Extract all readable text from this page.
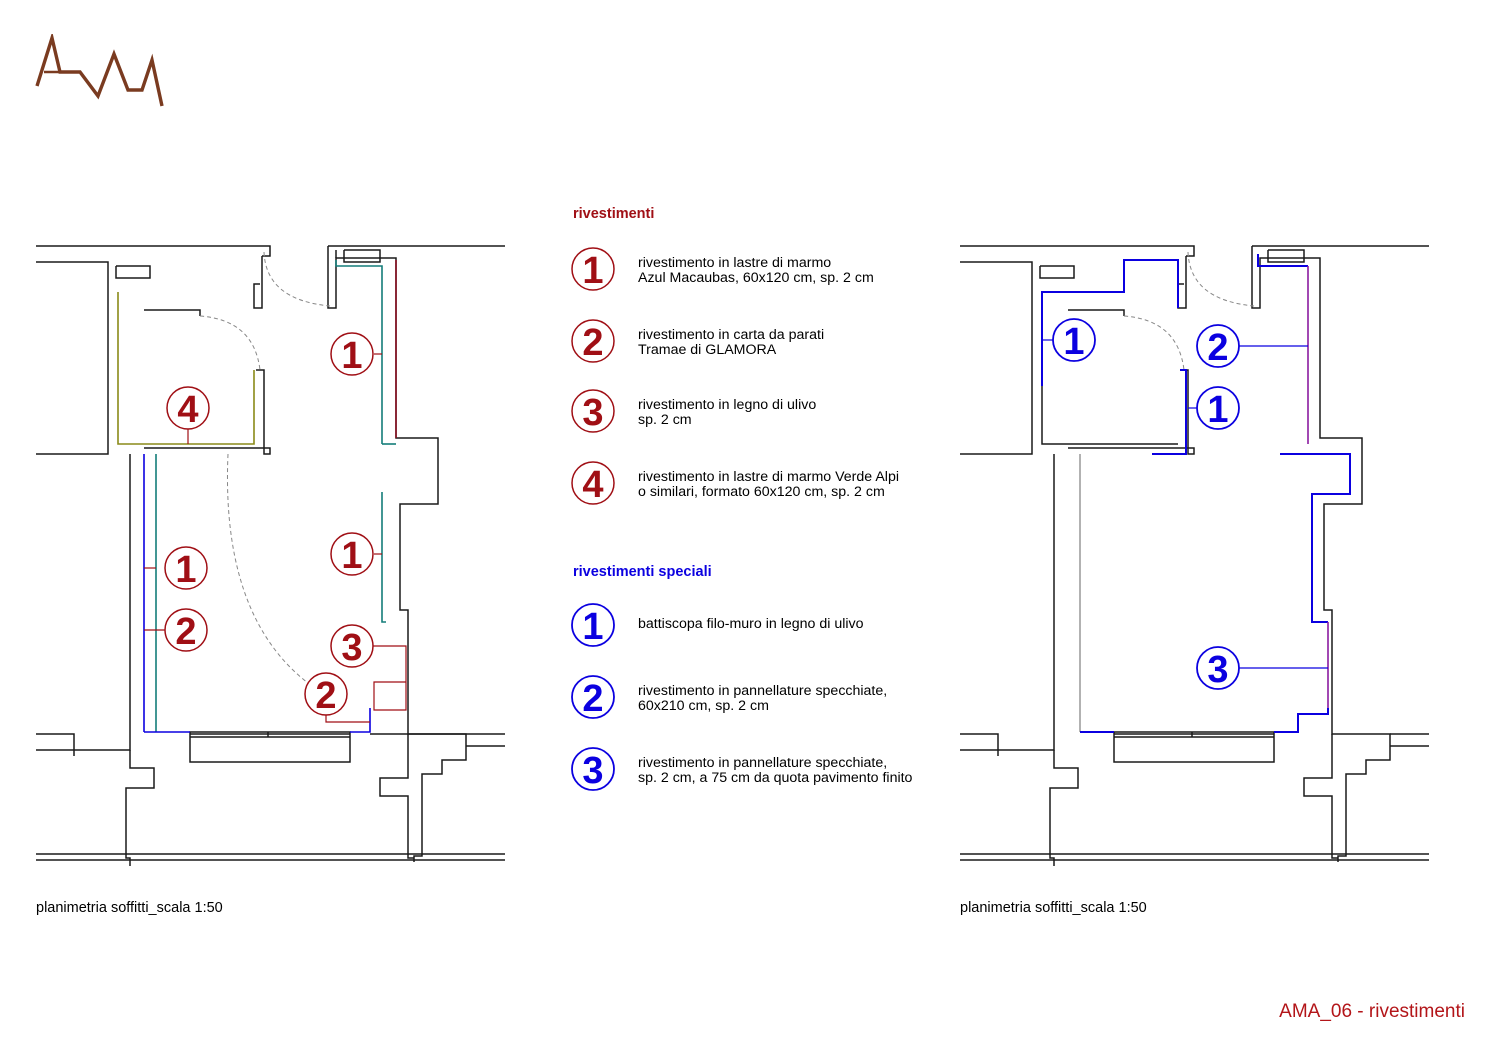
1
4
1
1
2	3
2
planimetria soffitti_scala 1:50
rivestimenti
1 rivestimento in lastre di marmo
Azul Macaubas, 60x120 cm, sp. 2 cm
2 rivestimento in carta da parati
Tramae di GLAMORA
3 rivestimento in legno di ulivo
sp. 2 cm
4 rivestimento in lastre di marmo Verde Alpi
o similari, formato 60x120 cm, sp. 2 cm
rivestimenti speciali
1 battiscopa filo-muro in legno di ulivo
2 rivestimento in pannellature specchiate,
60x210 cm, sp. 2 cm
3 rivestimento in pannellature specchiate,
sp. 2 cm, a 75 cm da quota pavimento finito
1	2
1
3
planimetria soffitti_scala 1:50
AMA_06 - rivestimenti
